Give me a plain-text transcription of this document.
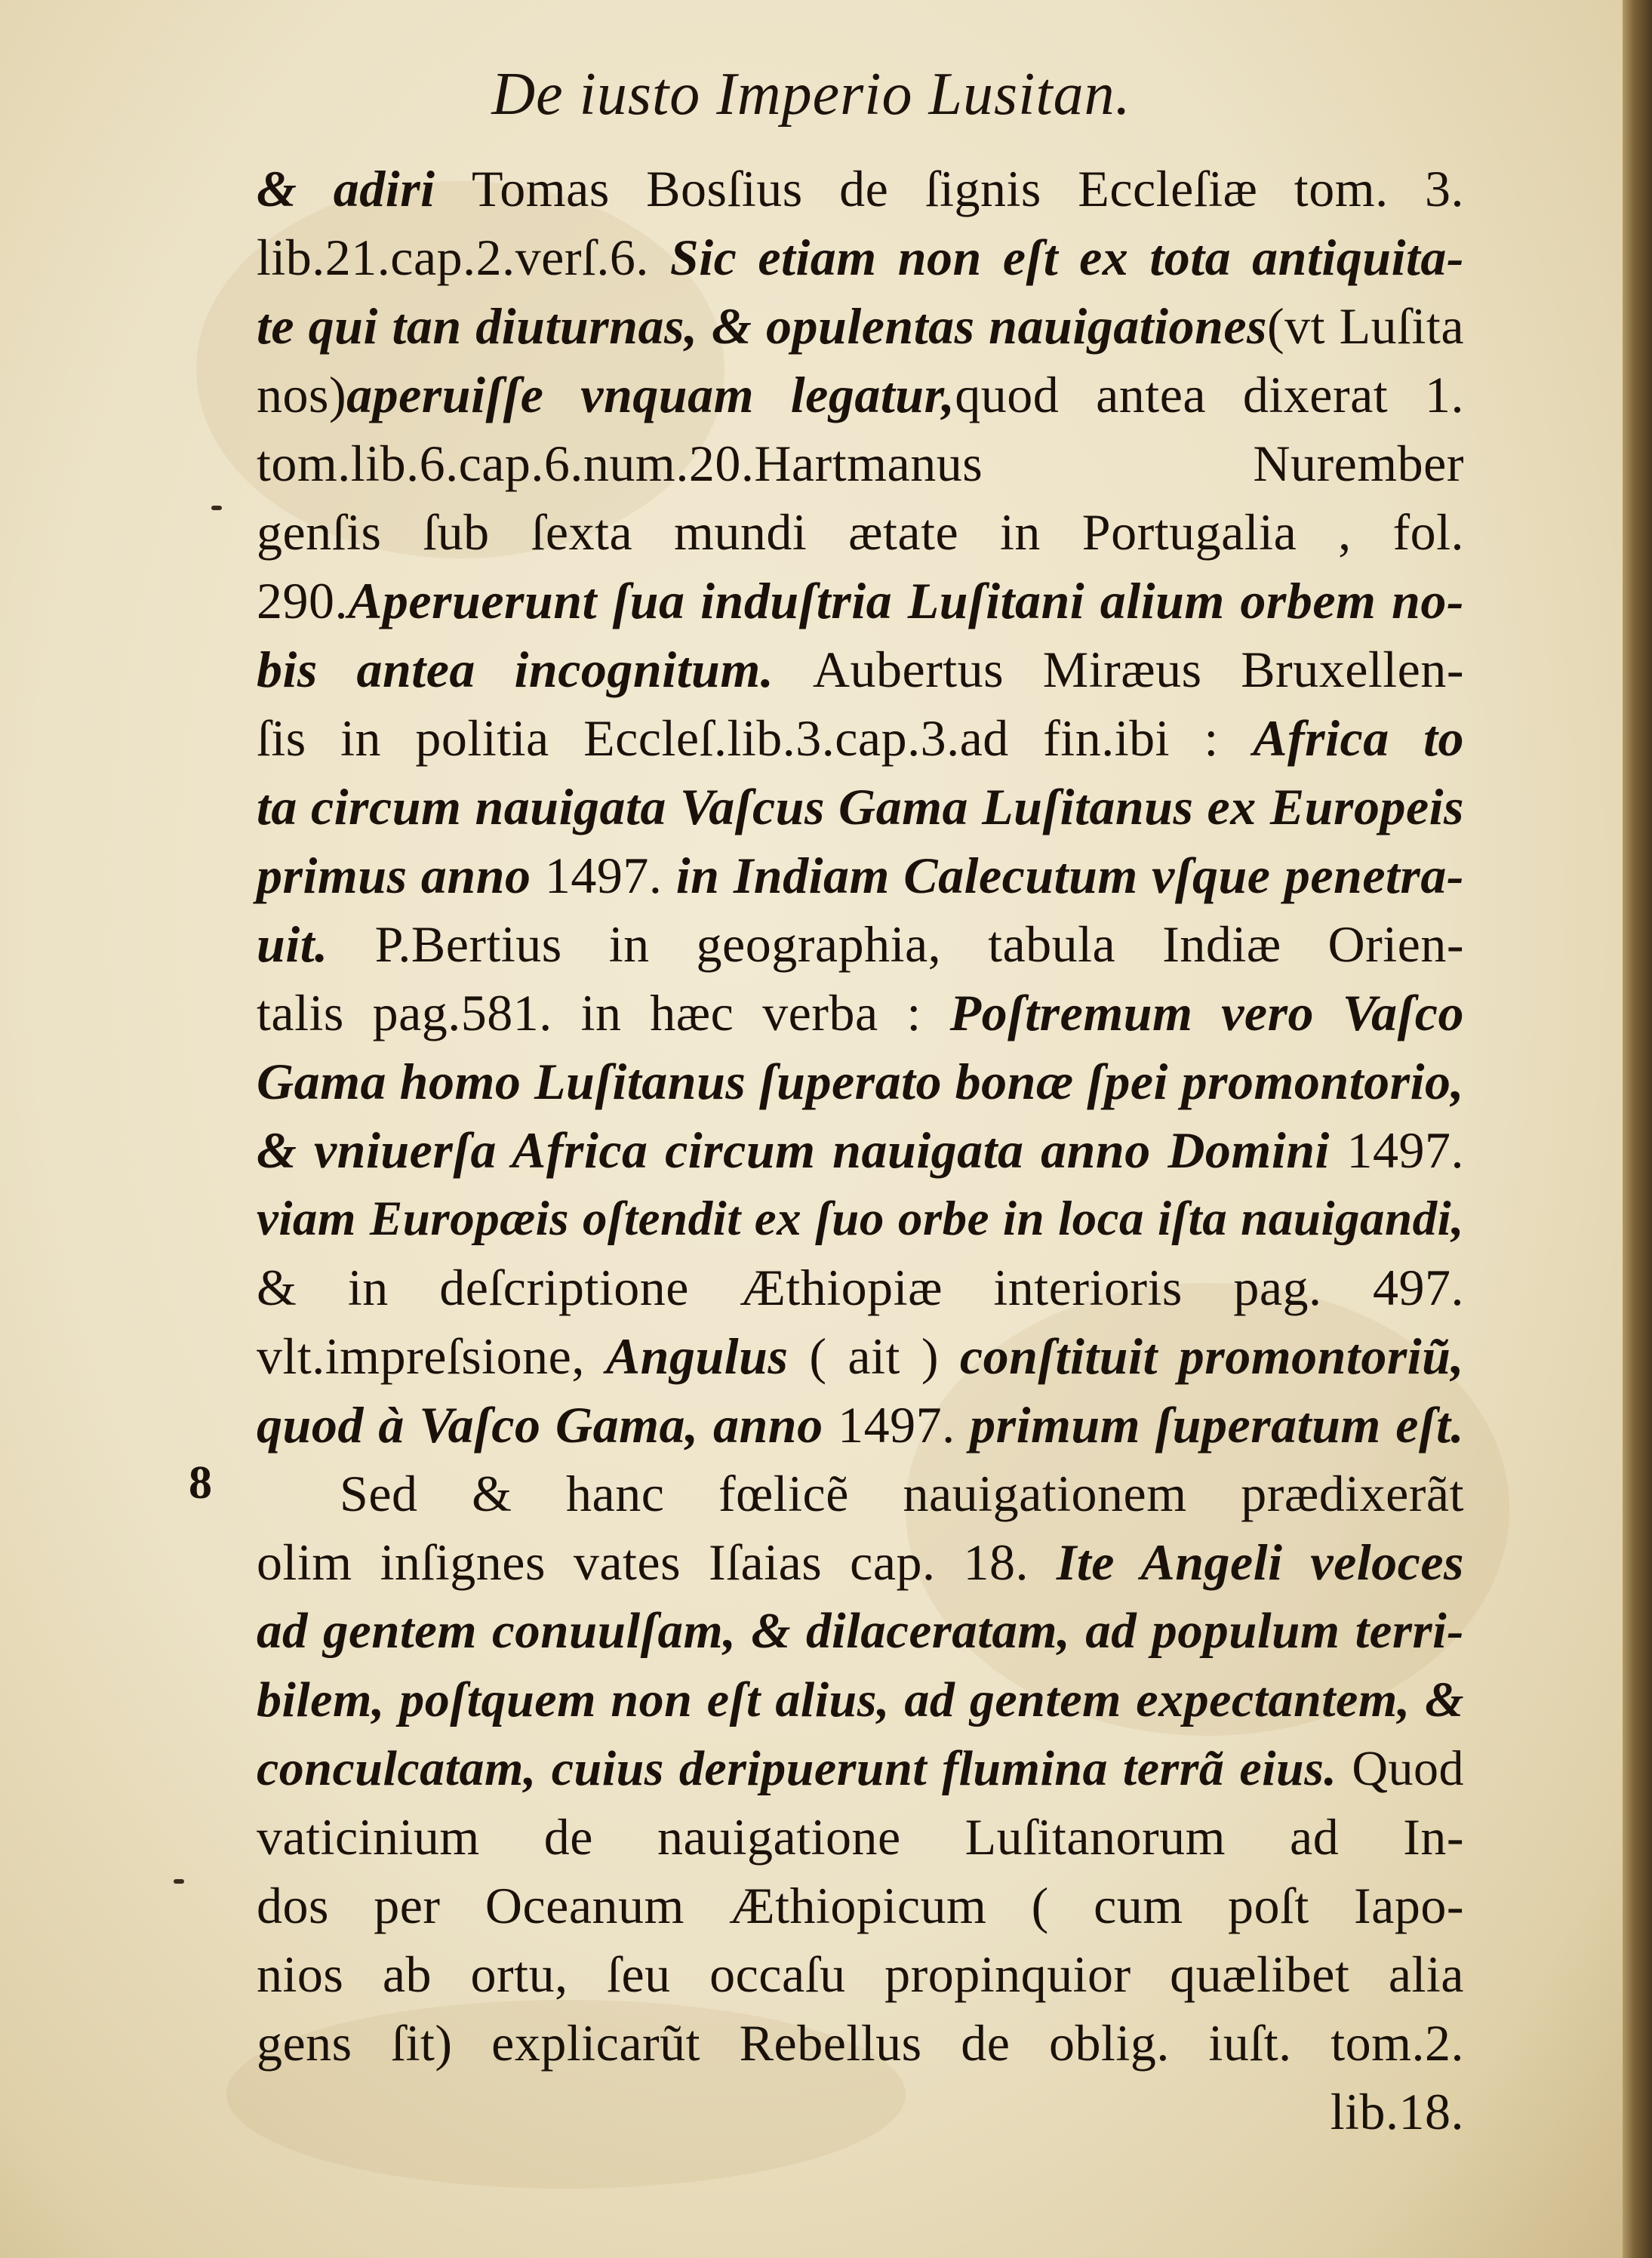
De iusto Imperio Lusitan.
8
& adiri Tomas Bosſius de ſignis Eccleſiæ tom. 3.
lib.21.cap.2.verſ.6. Sic etiam non eſt ex tota antiquita-
te qui tan diuturnas, & opulentas nauigationes(vt Luſita
nos)aperuiſſe vnquam legatur,quod antea dixerat 1.
tom.lib.6.cap.6.num.20.Hartmanus Nurember
genſis ſub ſexta mundi ætate in Portugalia , fol.
290.Aperuerunt ſua induſtria Luſitani alium orbem no-
bis antea incognitum. Aubertus Miræus Bruxellen-
ſis in politia Eccleſ.lib.3.cap.3.ad fin.ibi : Africa to
ta circum nauigata Vaſcus Gama Luſitanus ex Europeis
primus anno 1497. in Indiam Calecutum vſque penetra-
uit. P.Bertius in geographia, tabula Indiæ Orien-
talis pag.581. in hæc verba : Poſtremum vero Vaſco
Gama homo Luſitanus ſuperato bonæ ſpei promontorio,
& vniuerſa Africa circum nauigata anno Domini 1497.
viam Europæis oſtendit ex ſuo orbe in loca iſta nauigandi,
& in deſcriptione Æthiopiæ interioris pag. 497.
vlt.impreſsione, Angulus ( ait ) conſtituit promontoriũ,
quod à Vaſco Gama, anno 1497. primum ſuperatum eſt.
Sed & hanc fœlicẽ nauigationem prædixerãt
olim inſignes vates Iſaias cap. 18. Ite Angeli veloces
ad gentem conuulſam, & dilaceratam, ad populum terri-
bilem, poſtquem non eſt alius, ad gentem expectantem, &
conculcatam, cuius deripuerunt flumina terrã eius. Quod
vaticinium de nauigatione Luſitanorum ad In-
dos per Oceanum Æthiopicum ( cum poſt Iapo-
nios ab ortu, ſeu occaſu propinquior quælibet alia
gens ſit) explicarũt Rebellus de oblig. iuſt. tom.2.
lib.18.
